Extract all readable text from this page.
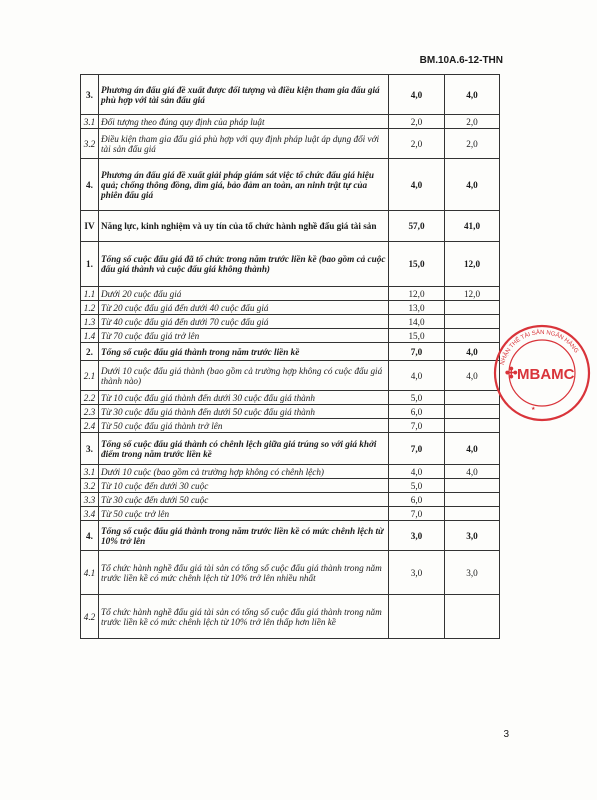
BM.10A.6-12-THN
3.	Phương án đấu giá đề xuất được đối tượng và điều kiện tham gia đấu giá phù hợp với tài sản đấu giá	4,0	4,0
3.1	Đối tượng theo đúng quy định của pháp luật	2,0	2,0
3.2	Điều kiện tham gia đấu giá phù hợp với quy định pháp luật áp dụng đối với tài sản đấu giá	2,0	2,0
4.	Phương án đấu giá đề xuất giải pháp giám sát việc tổ chức đấu giá hiệu quả; chống thông đồng, dìm giá, bảo đảm an toàn, an ninh trật tự của phiên đấu giá	4,0	4,0
IV	Năng lực, kinh nghiệm và uy tín của tổ chức hành nghề đấu giá tài sản	57,0	41,0
1.	Tổng số cuộc đấu giá đã tổ chức trong năm trước liền kề (bao gồm cả cuộc đấu giá thành và cuộc đấu giá không thành)	15,0	12,0
1.1	Dưới 20 cuộc đấu giá	12,0	12,0
1.2	Từ 20 cuộc đấu giá đến dưới 40 cuộc đấu giá	13,0	
1.3	Từ 40 cuộc đấu giá đến dưới 70 cuộc đấu giá	14,0	
1.4	Từ 70 cuộc đấu giá trở lên	15,0	
2.	Tổng số cuộc đấu giá thành trong năm trước liền kề	7,0	4,0
2.1	Dưới 10 cuộc đấu giá thành (bao gồm cả trường hợp không có cuộc đấu giá thành nào)	4,0	4,0
2.2	Từ 10 cuộc đấu giá thành đến dưới 30 cuộc đấu giá thành	5,0	
2.3	Từ 30 cuộc đấu giá thành đến dưới 50 cuộc đấu giá thành	6,0	
2.4	Từ 50 cuộc đấu giá thành trở lên	7,0	
3.	Tổng số cuộc đấu giá thành có chênh lệch giữa giá trúng so với giá khởi điểm trong năm trước liền kề	7,0	4,0
3.1	Dưới 10 cuộc (bao gồm cả trường hợp không có chênh lệch)	4,0	4,0
3.2	Từ 10 cuộc đến dưới 30 cuộc	5,0	
3.3	Từ 30 cuộc đến dưới 50 cuộc	6,0	
3.4	Từ 50 cuộc trở lên	7,0	
4.	Tổng số cuộc đấu giá thành trong năm trước liền kề có mức chênh lệch từ 10% trở lên	3,0	3,0
4.1	Tổ chức hành nghề đấu giá tài sản có tổng số cuộc đấu giá thành trong năm trước liền kề có mức chênh lệch từ 10% trở lên nhiều nhất	3,0	3,0
4.2	Tổ chức hành nghề đấu giá tài sản có tổng số cuộc đấu giá thành trong năm trước liền kề có mức chênh lệch từ 10% trở lên thấp hơn liền kề		
✣ MBAMC
NHẬN THẾ TÀI SẢN NGÂN HÀNG
★
3
